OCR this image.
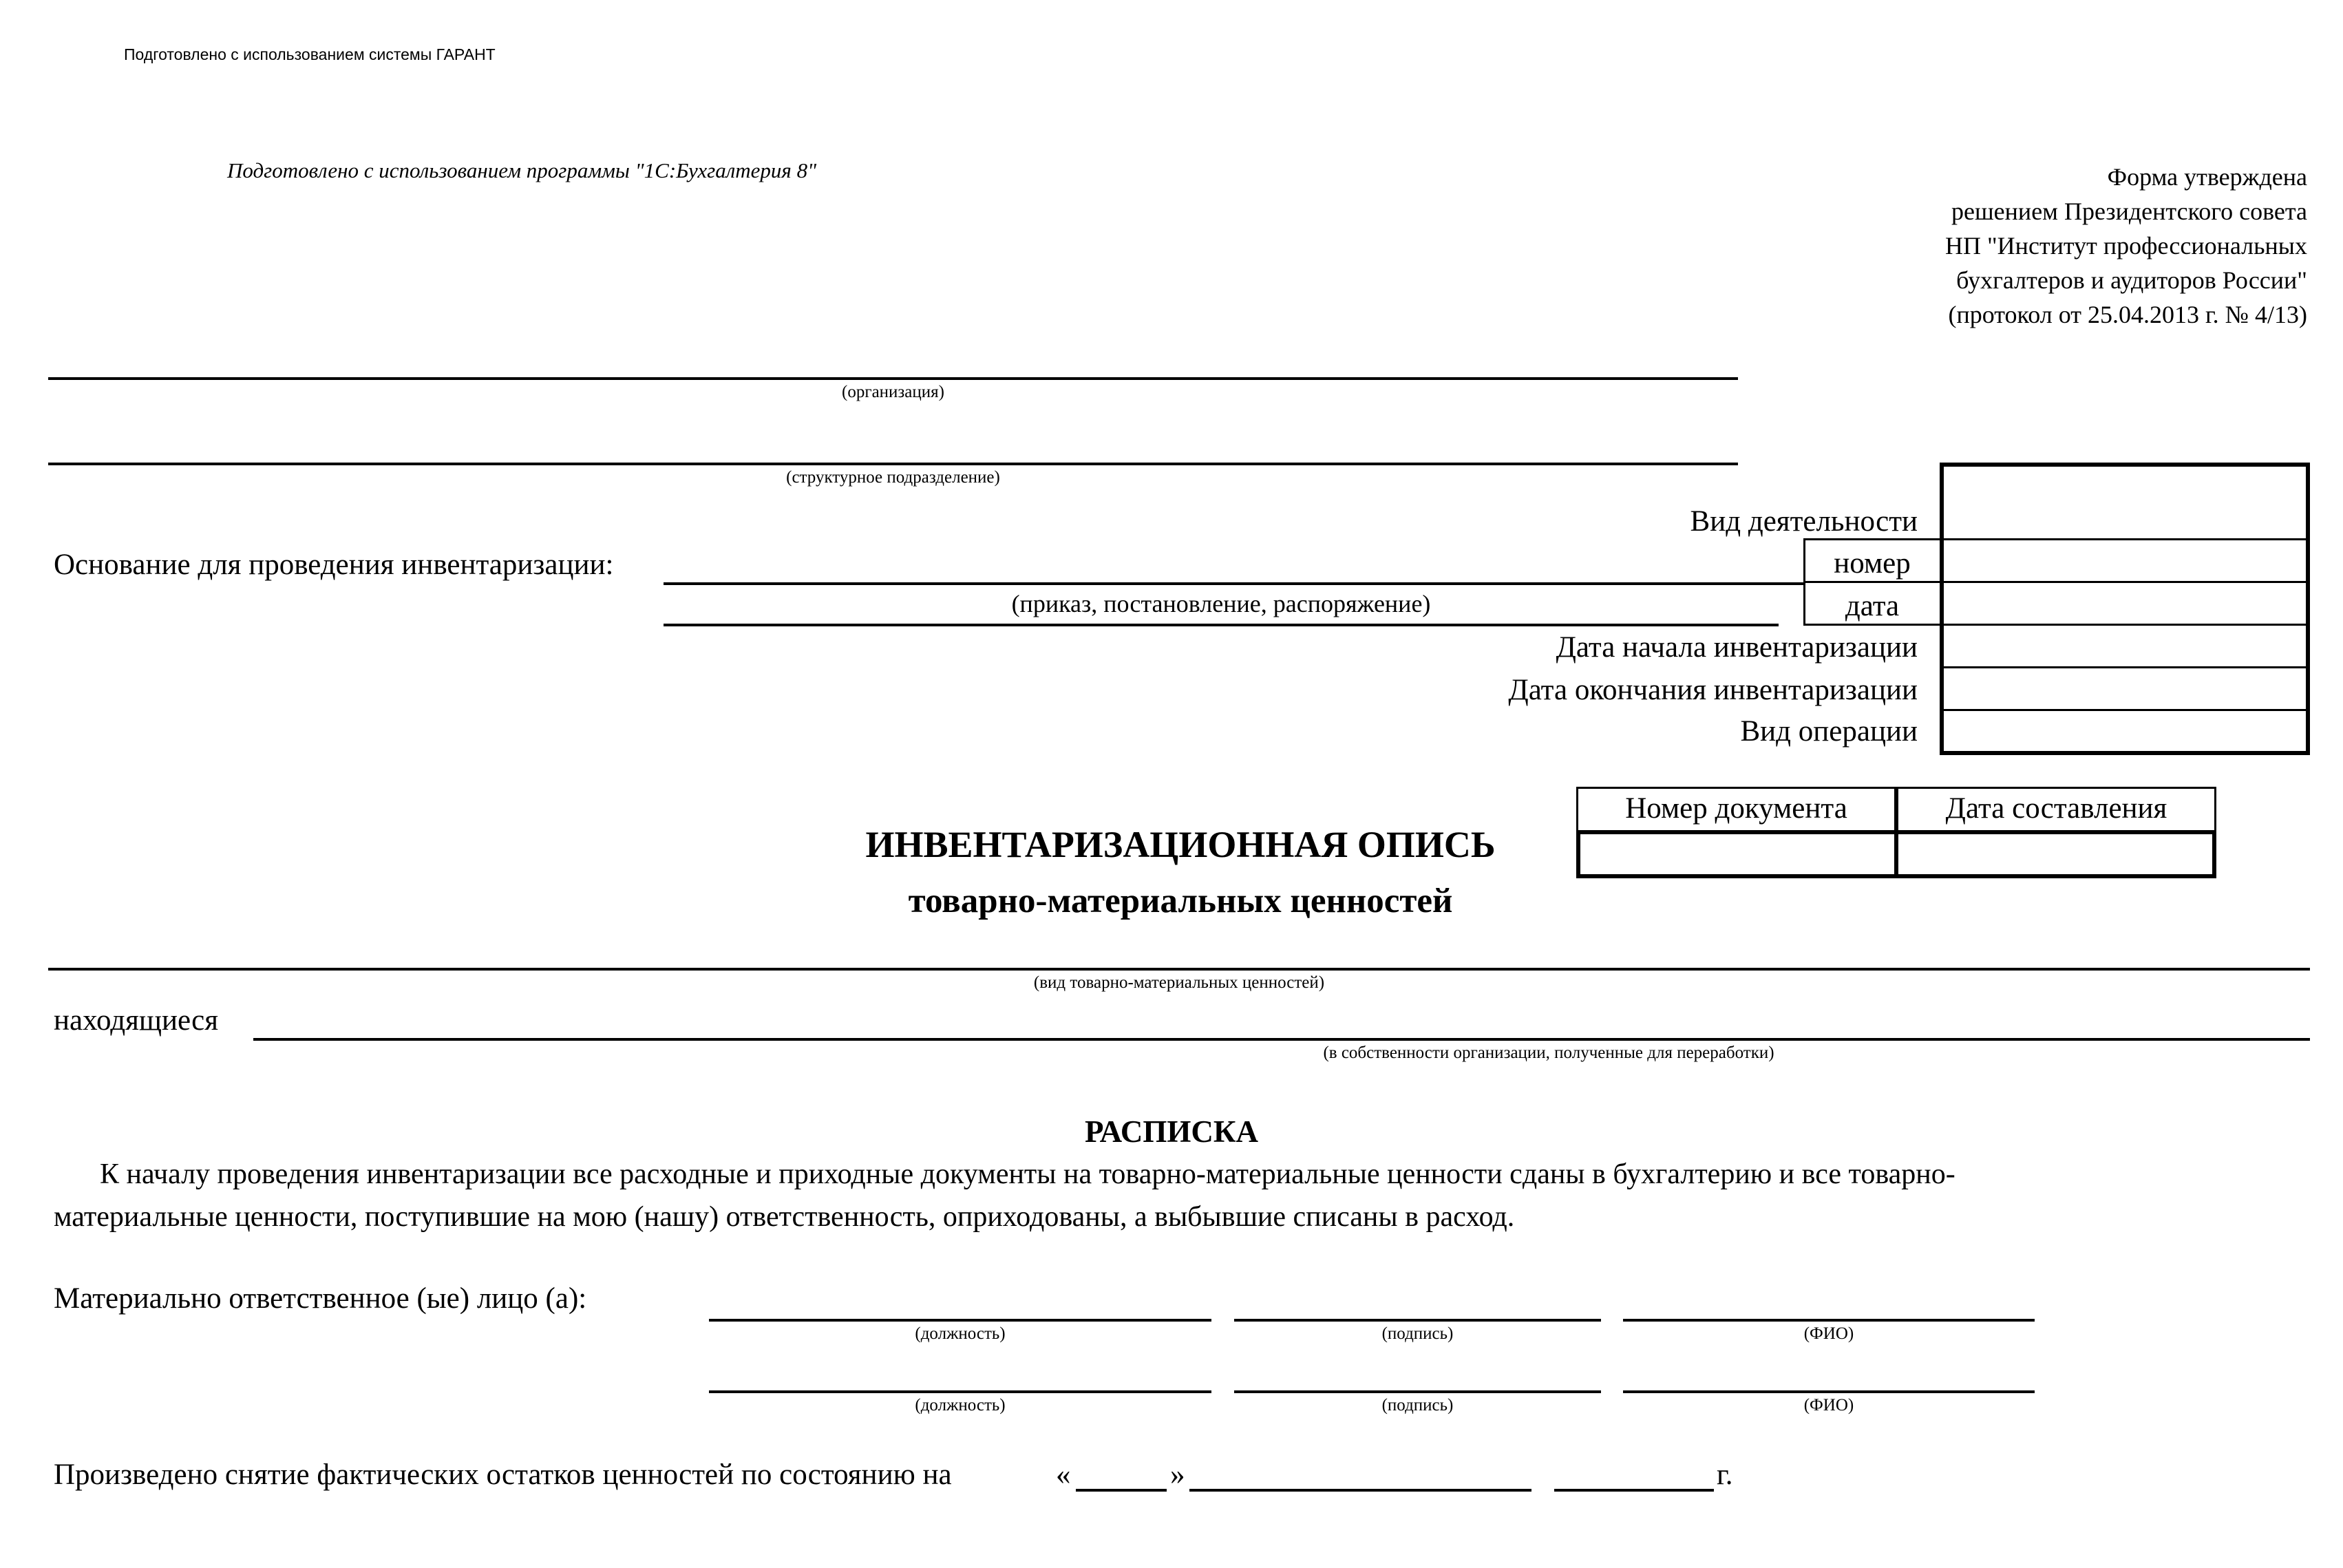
Подготовлено с использованием системы ГАРАНТ
Подготовлено с использованием программы "1С:Бухгалтерия 8"	Форма утверждена
решением Президентского совета
НП "Институт профессиональных
бухгалтеров и аудиторов России"
(протокол от 25.04.2013 г. № 4/13)
(организация)
(структурное подразделение)
Вид деятельности
номер
дата
Дата начала инвентаризации
Дата окончания инвентаризации
Вид операции
Основание для проведения инвентаризации:
(приказ, постановление, распоряжение)
Номер документа	Дата составления
ИНВЕНТАРИЗАЦИОННАЯ ОПИСЬ
товарно-материальных ценностей
(вид товарно-материальных ценностей)
находящиеся
(в собственности организации, полученные для переработки)
РАСПИСКА
К началу проведения инвентаризации все расходные и приходные документы на товарно-материальные ценности сданы в бухгалтерию и все товарно-
материальные ценности, поступившие на мою (нашу) ответственность, оприходованы, а выбывшие списаны в расход.
Материально ответственное (ые) лицо (а):
(должность)	(подпись)	(ФИО)
(должность)	(подпись)	(ФИО)
Произведено снятие фактических остатков ценностей по состоянию на	«	»	г.
